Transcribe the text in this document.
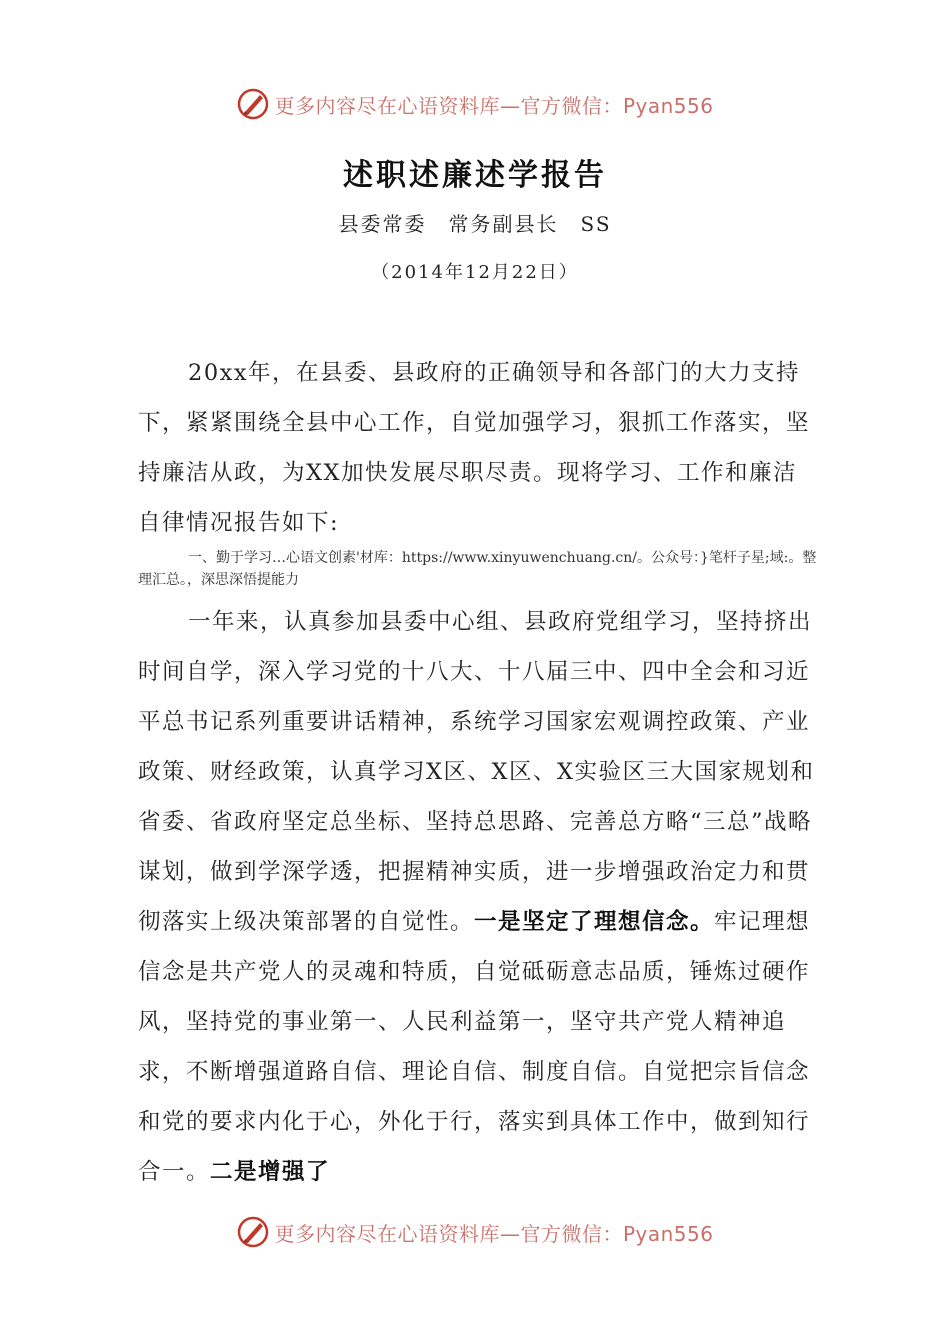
更多内容尽在心语资料库—官方微信：Pyan556
述职述廉述学报告
县委常委　常务副县长　SS
（2014年12月22日）

20xx年，在县委、县政府的正确领导和各部门的大力支持下，紧紧围绕全县中心工作，自觉加强学习，狠抓工作落实，坚持廉洁从政，为XX加快发展尽职尽责。现将学习、工作和廉洁自律情况报告如下:

一、勤于学习…心语文创素'材库：https://www.xinyuwenchuang.cn/。公众号：}笔杆子星;域:。整理汇总。，深思深悟提能力

一年来，认真参加县委中心组、县政府党组学习，坚持挤出时间自学，深入学习党的十八大、十八届三中、四中全会和习近平总书记系列重要讲话精神，系统学习国家宏观调控政策、产业政策、财经政策，认真学习X区、X区、X实验区三大国家规划和省委、省政府坚定总坐标、坚持总思路、完善总方略“三总”战略谋划，做到学深学透，把握精神实质，进一步增强政治定力和贯彻落实上级决策部署的自觉性。一是坚定了理想信念。牢记理想信念是共产党人的灵魂和特质，自觉砥砺意志品质，锤炼过硬作风，坚持党的事业第一、人民利益第一，坚守共产党人精神追求，不断增强道路自信、理论自信、制度自信。自觉把宗旨信念和党的要求内化于心，外化于行，落实到具体工作中，做到知行合一。二是增强了

更多内容尽在心语资料库—官方微信：Pyan556
